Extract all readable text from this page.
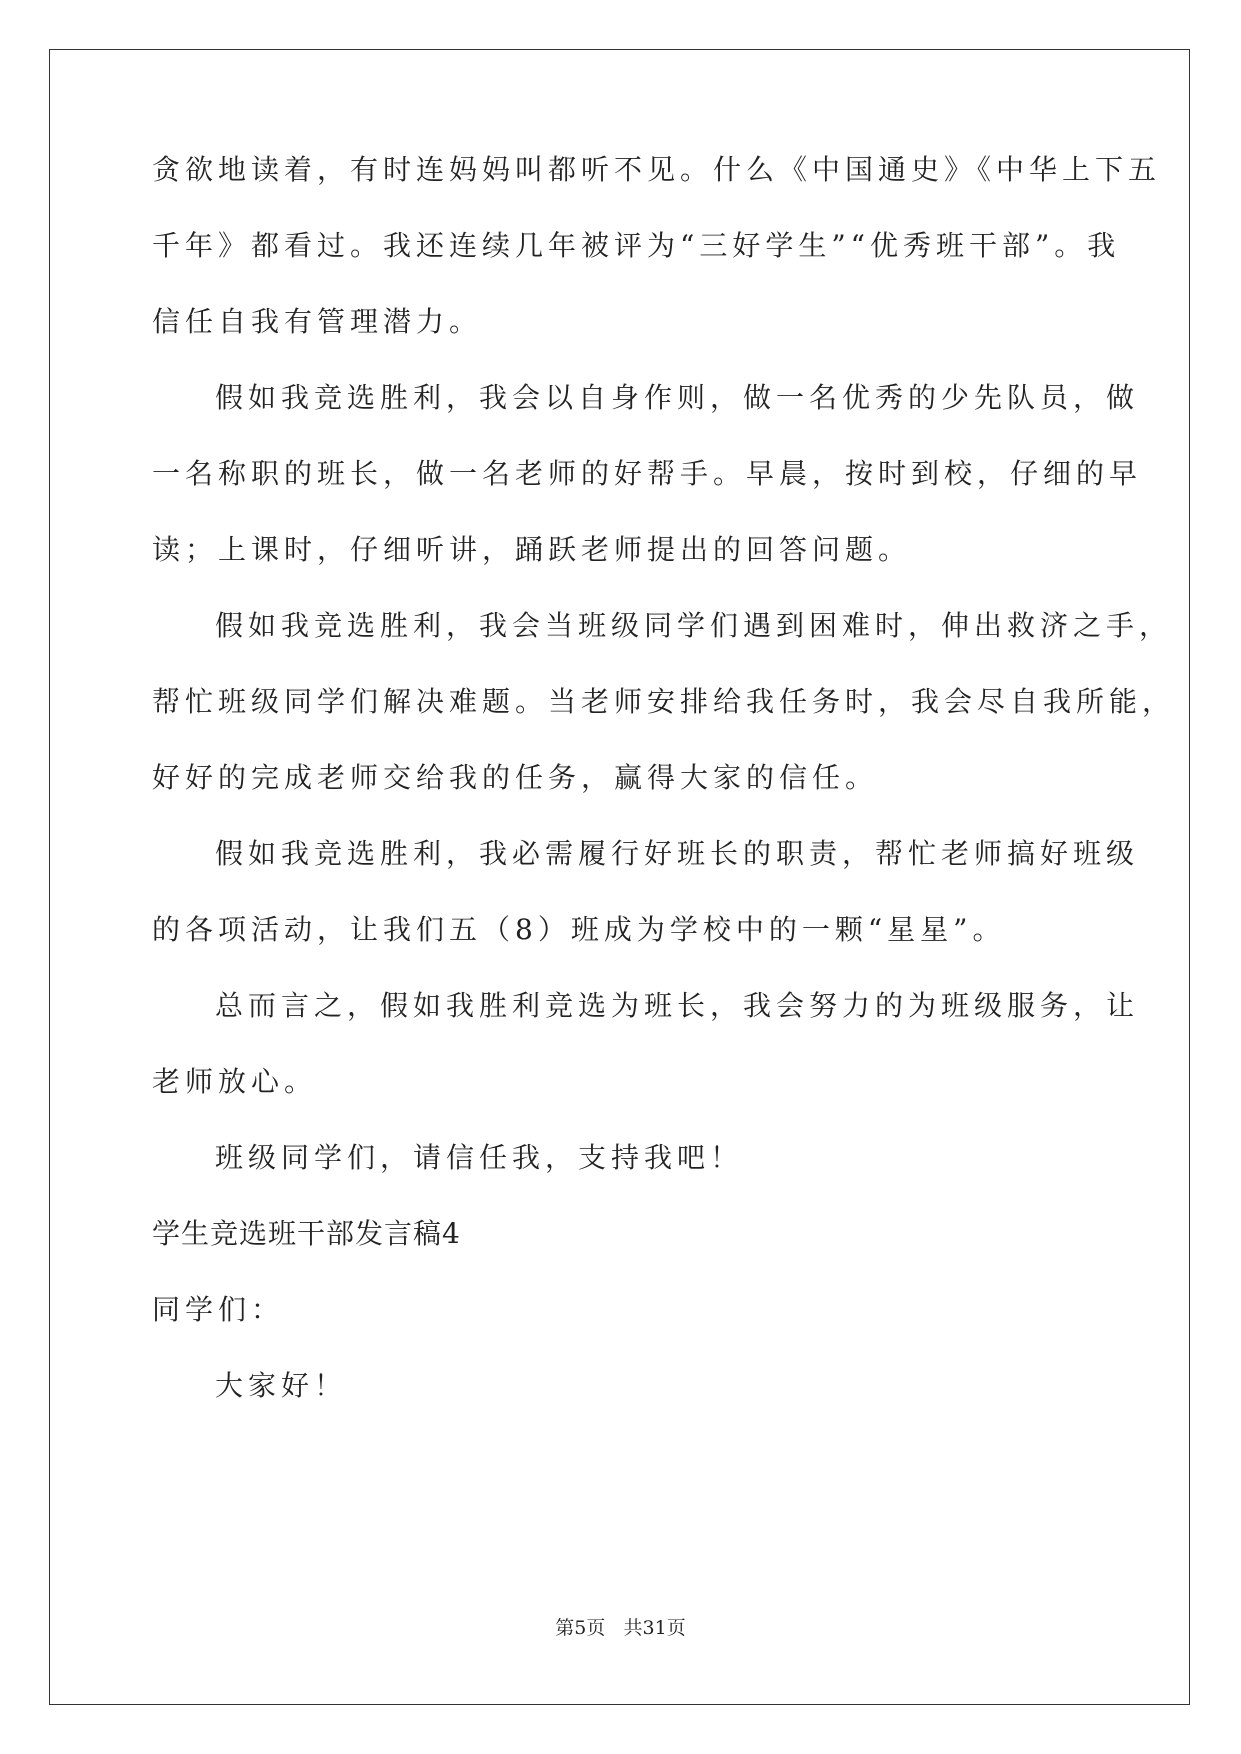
贪欲地读着，有时连妈妈叫都听不见。什么《中国通史》《中华上下五
千年》都看过。我还连续几年被评为“三好学生”“优秀班干部”。我
信任自我有管理潜力。
假如我竞选胜利，我会以自身作则，做一名优秀的少先队员，做
一名称职的班长，做一名老师的好帮手。早晨，按时到校，仔细的早
读；上课时，仔细听讲，踊跃老师提出的回答问题。
假如我竞选胜利，我会当班级同学们遇到困难时，伸出救济之手，
帮忙班级同学们解决难题。当老师安排给我任务时，我会尽自我所能，
好好的完成老师交给我的任务，赢得大家的信任。
假如我竞选胜利，我必需履行好班长的职责，帮忙老师搞好班级
的各项活动，让我们五（8）班成为学校中的一颗“星星”。
总而言之，假如我胜利竞选为班长，我会努力的为班级服务，让
老师放心。
班级同学们，请信任我，支持我吧！
学生竞选班干部发言稿4
同学们：
大家好！
第5页 共31页
